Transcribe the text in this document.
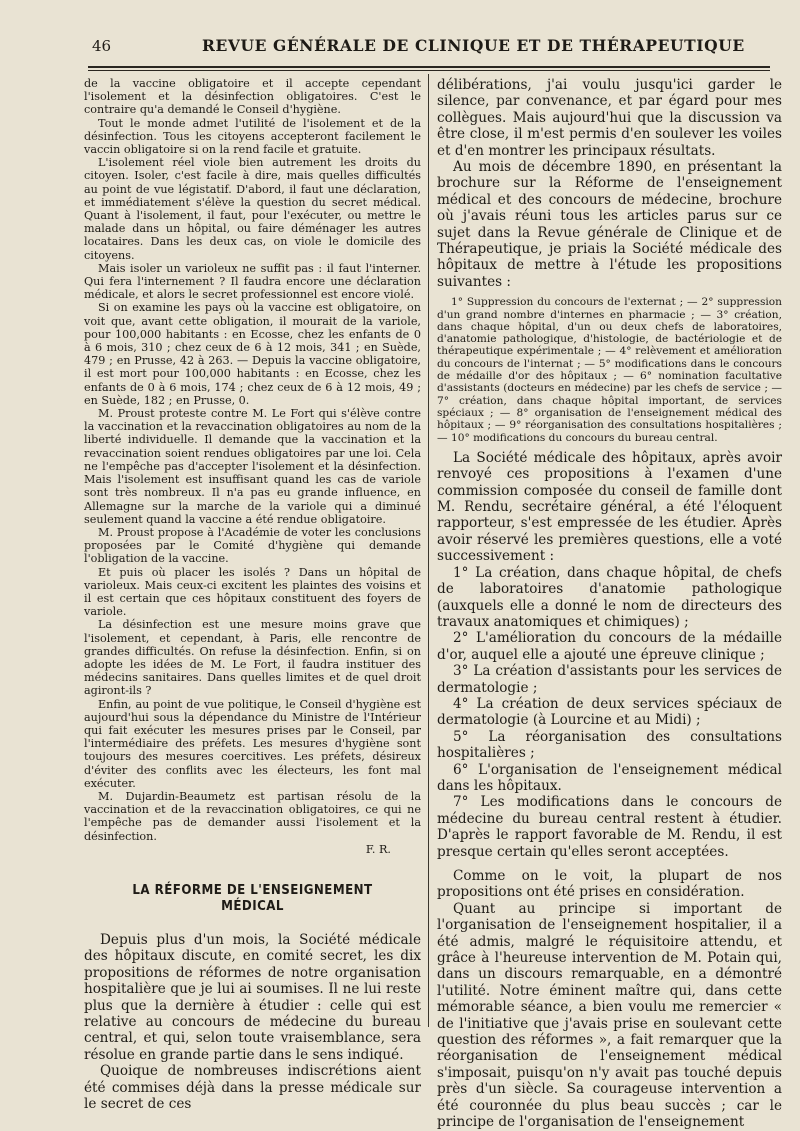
46	REVUE GÉNÉRALE DE CLINIQUE ET DE THÉRAPEUTIQUE

de la vaccine obligatoire et il accepte cependant l'isolement et la désinfection obligatoires. C'est le contraire qu'a demandé le Conseil d'hygiène.

Tout le monde admet l'utilité de l'isolement et de la désinfection. Tous les citoyens accepteront facilement le vaccin obligatoire si on la rend facile et gratuite.

L'isolement réel viole bien autrement les droits du citoyen. Isoler, c'est facile à dire, mais quelles difficultés au point de vue légistatif. D'abord, il faut une déclaration, et immédiatement s'élève la question du secret médical. Quant à l'isolement, il faut, pour l'exécuter, ou mettre le malade dans un hôpital, ou faire déménager les autres locataires. Dans les deux cas, on viole le domicile des citoyens.

Mais isoler un varioleux ne suffit pas : il faut l'interner. Qui fera l'internement ? Il faudra encore une déclaration médicale, et alors le secret professionnel est encore violé.

Si on examine les pays où la vaccine est obligatoire, on voit que, avant cette obligation, il mourait de la variole, pour 100,000 habitants : en Ecosse, chez les enfants de 0 à 6 mois, 310 ; chez ceux de 6 à 12 mois, 341 ; en Suède, 479 ; en Prusse, 42 à 263. — Depuis la vaccine obligatoire, il est mort pour 100,000 habitants : en Ecosse, chez les enfants de 0 à 6 mois, 174 ; chez ceux de 6 à 12 mois, 49 ; en Suède, 182 ; en Prusse, 0.

M. Proust proteste contre M. Le Fort qui s'élève contre la vaccination et la revaccination obligatoires au nom de la liberté individuelle. Il demande que la vaccination et la revaccination soient rendues obligatoires par une loi. Cela ne l'empêche pas d'accepter l'isolement et la désinfection. Mais l'isolement est insuffisant quand les cas de variole sont très nombreux. Il n'a pas eu grande influence, en Allemagne sur la marche de la variole qui a diminué seulement quand la vaccine a été rendue obligatoire.

M. Proust propose à l'Académie de voter les conclusions proposées par le Comité d'hygiène qui demande l'obligation de la vaccine.

Et puis où placer les isolés ? Dans un hôpital de varioleux. Mais ceux-ci excitent les plaintes des voisins et il est certain que ces hôpitaux constituent des foyers de variole.

La désinfection est une mesure moins grave que l'isolement, et cependant, à Paris, elle rencontre de grandes difficultés. On refuse la désinfection. Enfin, si on adopte les idées de M. Le Fort, il faudra instituer des médecins sanitaires. Dans quelles limites et de quel droit agiront-ils ?

Enfin, au point de vue politique, le Conseil d'hygiène est aujourd'hui sous la dépendance du Ministre de l'Intérieur qui fait exécuter les mesures prises par le Conseil, par l'intermédiaire des préfets. Les mesures d'hygiène sont toujours des mesures coercitives. Les préfets, désireux d'éviter des conflits avec les électeurs, les font mal exécuter.

M. Dujardin-Beaumetz est partisan résolu de la vaccination et de la revaccination obligatoires, ce qui ne l'empêche pas de demander aussi l'isolement et la désinfection.

F. R.

LA RÉFORME DE L'ENSEIGNEMENT MÉDICAL

Depuis plus d'un mois, la Société médicale des hôpitaux discute, en comité secret, les dix propositions de réformes de notre organisation hospitalière que je lui ai soumises. Il ne lui reste plus que la dernière à étudier : celle qui est relative au concours de médecine du bureau central, et qui, selon toute vraisemblance, sera résolue en grande partie dans le sens indiqué.

Quoique de nombreuses indiscrétions aient été commises déjà dans la presse médicale sur le secret de ces

délibérations, j'ai voulu jusqu'ici garder le silence, par convenance, et par égard pour mes collègues. Mais aujourd'hui que la discussion va être close, il m'est permis d'en soulever les voiles et d'en montrer les principaux résultats.

Au mois de décembre 1890, en présentant la brochure sur la Réforme de l'enseignement médical et des concours de médecine, brochure où j'avais réuni tous les articles parus sur ce sujet dans la Revue générale de Clinique et de Thérapeutique, je priais la Société médicale des hôpitaux de mettre à l'étude les propositions suivantes :

1° Suppression du concours de l'externat ; — 2° suppression d'un grand nombre d'internes en pharmacie ; — 3° création, dans chaque hôpital, d'un ou deux chefs de laboratoires, d'anatomie pathologique, d'histologie, de bactériologie et de thérapeutique expérimentale ; — 4° relèvement et amélioration du concours de l'internat ; — 5° modifications dans le concours de médaille d'or des hôpitaux ; — 6° nomination facultative d'assistants (docteurs en médecine) par les chefs de service ; — 7° création, dans chaque hôpital important, de services spéciaux ; — 8° organisation de l'enseignement médical des hôpitaux ; — 9° réorganisation des consultations hospitalières ; — 10° modifications du concours du bureau central.

La Société médicale des hôpitaux, après avoir renvoyé ces propositions à l'examen d'une commission composée du conseil de famille dont M. Rendu, secrétaire général, a été l'éloquent rapporteur, s'est empressée de les étudier. Après avoir réservé les premières questions, elle a voté successivement :

1° La création, dans chaque hôpital, de chefs de laboratoires d'anatomie pathologique (auxquels elle a donné le nom de directeurs des travaux anatomiques et chimiques) ;

2° L'amélioration du concours de la médaille d'or, auquel elle a ajouté une épreuve clinique ;

3° La création d'assistants pour les services de dermatologie ;

4° La création de deux services spéciaux de dermatologie (à Lourcine et au Midi) ;

5° La réorganisation des consultations hospitalières ;

6° L'organisation de l'enseignement médical dans les hôpitaux.

7° Les modifications dans le concours de médecine du bureau central restent à étudier. D'après le rapport favorable de M. Rendu, il est presque certain qu'elles seront acceptées.

Comme on le voit, la plupart de nos propositions ont été prises en considération.

Quant au principe si important de l'organisation de l'enseignement hospitalier, il a été admis, malgré le réquisitoire attendu, et grâce à l'heureuse intervention de M. Potain qui, dans un discours remarquable, en a démontré l'utilité. Notre éminent maître qui, dans cette mémorable séance, a bien voulu me remercier « de l'initiative que j'avais prise en soulevant cette question des réformes », a fait remarquer que la réorganisation de l'enseignement médical s'imposait, puisqu'on n'y avait pas touché depuis près d'un siècle. Sa courageuse intervention a été couronnée du plus beau succès ; car le principe de l'organisation de l'enseignement
